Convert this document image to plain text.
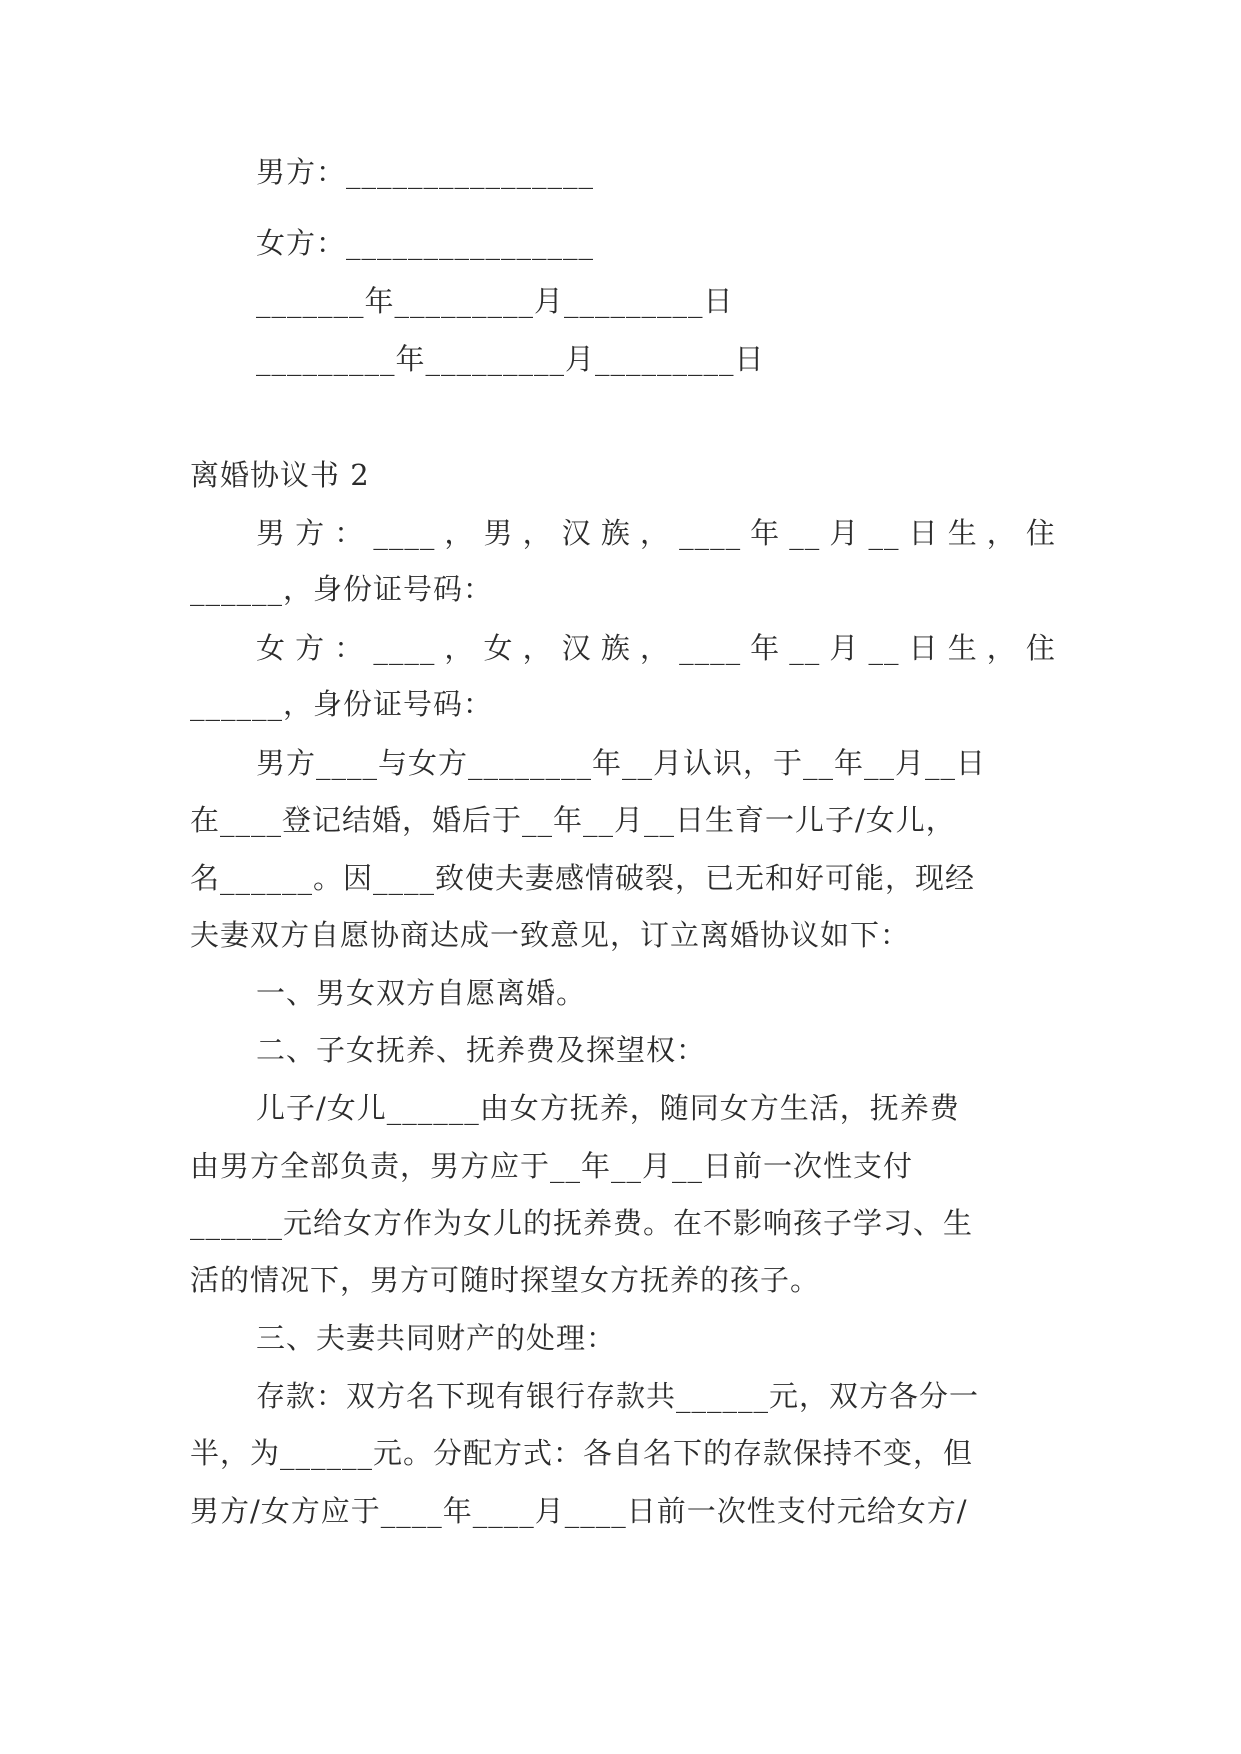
男方：________________
女方：________________
_______年_________月_________日
_________年_________月_________日
离婚协议书 2
男 方 ： ____ ， 男 ， 汉 族 ， ____ 年 __ 月 __ 日 生 ， 住
______，身份证号码：
女 方 ： ____ ， 女 ， 汉 族 ， ____ 年 __ 月 __ 日 生 ， 住
______，身份证号码：
男方____与女方________年__月认识，于__年__月__日
在____登记结婚，婚后于__年__月__日生育一儿子/女儿，
名______。因____致使夫妻感情破裂，已无和好可能，现经
夫妻双方自愿协商达成一致意见，订立离婚协议如下：
一、男女双方自愿离婚。
二、子女抚养、抚养费及探望权：
儿子/女儿______由女方抚养，随同女方生活，抚养费
由男方全部负责，男方应于__年__月__日前一次性支付
______元给女方作为女儿的抚养费。在不影响孩子学习、生
活的情况下，男方可随时探望女方抚养的孩子。
三、夫妻共同财产的处理：
存款：双方名下现有银行存款共______元，双方各分一
半，为______元。分配方式：各自名下的存款保持不变，但
男方/女方应于____年____月____日前一次性支付元给女方/
